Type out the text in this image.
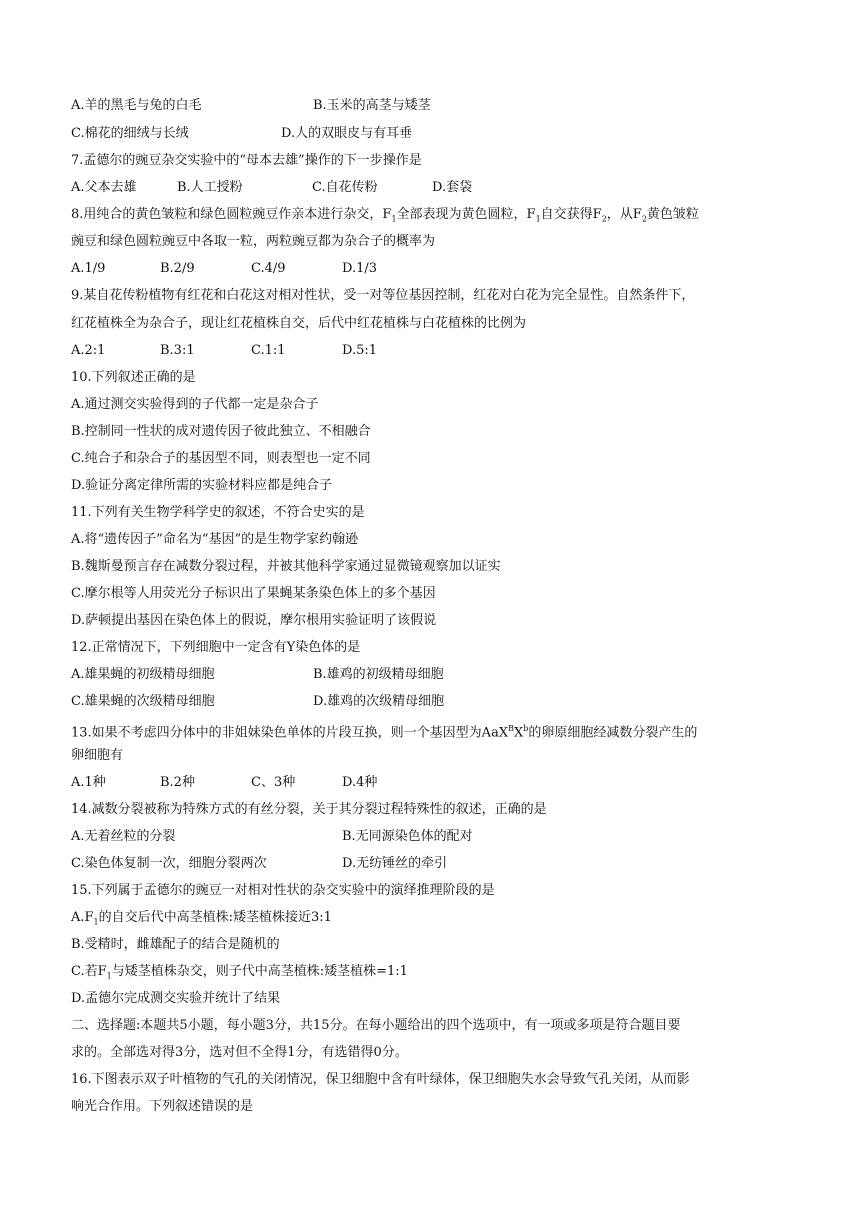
A.羊的黑毛与兔的白毛	B.玉米的高茎与矮茎
C.棉花的细绒与长绒	D.人的双眼皮与有耳垂
7.孟德尔的豌豆杂交实验中的“母本去雄”操作的下一步操作是
A.父本去雄	B.人工授粉	C.自花传粉	D.套袋
8.用纯合的黄色皱粒和绿色圆粒豌豆作亲本进行杂交，$F_1$全部表现为黄色圆粒，$F_1$自交获得$F_2$，从$F_2$黄色皱粒
豌豆和绿色圆粒豌豆中各取一粒，两粒豌豆都为杂合子的概率为
A.1/9	B.2/9	C.4/9	D.1/3
9.某自花传粉植物有红花和白花这对相对性状，受一对等位基因控制，红花对白花为完全显性。自然条件下，
红花植株全为杂合子，现让红花植株自交，后代中红花植株与白花植株的比例为
A.2:1	B.3:1	C.1:1	D.5:1
10.下列叙述正确的是
A.通过测交实验得到的子代都一定是杂合子
B.控制同一性状的成对遗传因子彼此独立、不相融合
C.纯合子和杂合子的基因型不同，则表型也一定不同
D.验证分离定律所需的实验材料应都是纯合子
11.下列有关生物学科学史的叙述，不符合史实的是
A.将“遗传因子”命名为“基因”的是生物学家约翰逊
B.魏斯曼预言存在减数分裂过程，并被其他科学家通过显微镜观察加以证实
C.摩尔根等人用荧光分子标识出了果蝇某条染色体上的多个基因
D.萨顿提出基因在染色体上的假说，摩尔根用实验证明了该假说
12.正常情况下，下列细胞中一定含有Y染色体的是
A.雄果蝇的初级精母细胞	B.雄鸡的初级精母细胞
C.雄果蝇的次级精母细胞	D.雄鸡的次级精母细胞
13.如果不考虑四分体中的非姐妹染色单体的片段互换，则一个基因型为$AaX^BX^b$的卵原细胞经减数分裂产生的
卵细胞有
A.1种	B.2种	C、3种	D.4种
14.减数分裂被称为特殊方式的有丝分裂，关于其分裂过程特殊性的叙述，正确的是
A.无着丝粒的分裂	B.无同源染色体的配对
C.染色体复制一次，细胞分裂两次	D.无纺锤丝的牵引
15.下列属于孟德尔的豌豆一对相对性状的杂交实验中的演绎推理阶段的是
$A.F_1$的自交后代中高茎植株:矮茎植株接近3:1
B.受精时，雌雄配子的结合是随机的
C.若$F_1$与矮茎植株杂交，则子代中高茎植株:矮茎植株=1:1
D.孟德尔完成测交实验并统计了结果
二、选择题:本题共5小题，每小题3分，共15分。在每小题给出的四个选项中，有一项或多项是符合题目要
求的。全部选对得3分，选对但不全得1分，有选错得0分。
16.下图表示双子叶植物的气孔的关闭情况，保卫细胞中含有叶绿体，保卫细胞失水会导致气孔关闭，从而影
响光合作用。下列叙述错误的是
